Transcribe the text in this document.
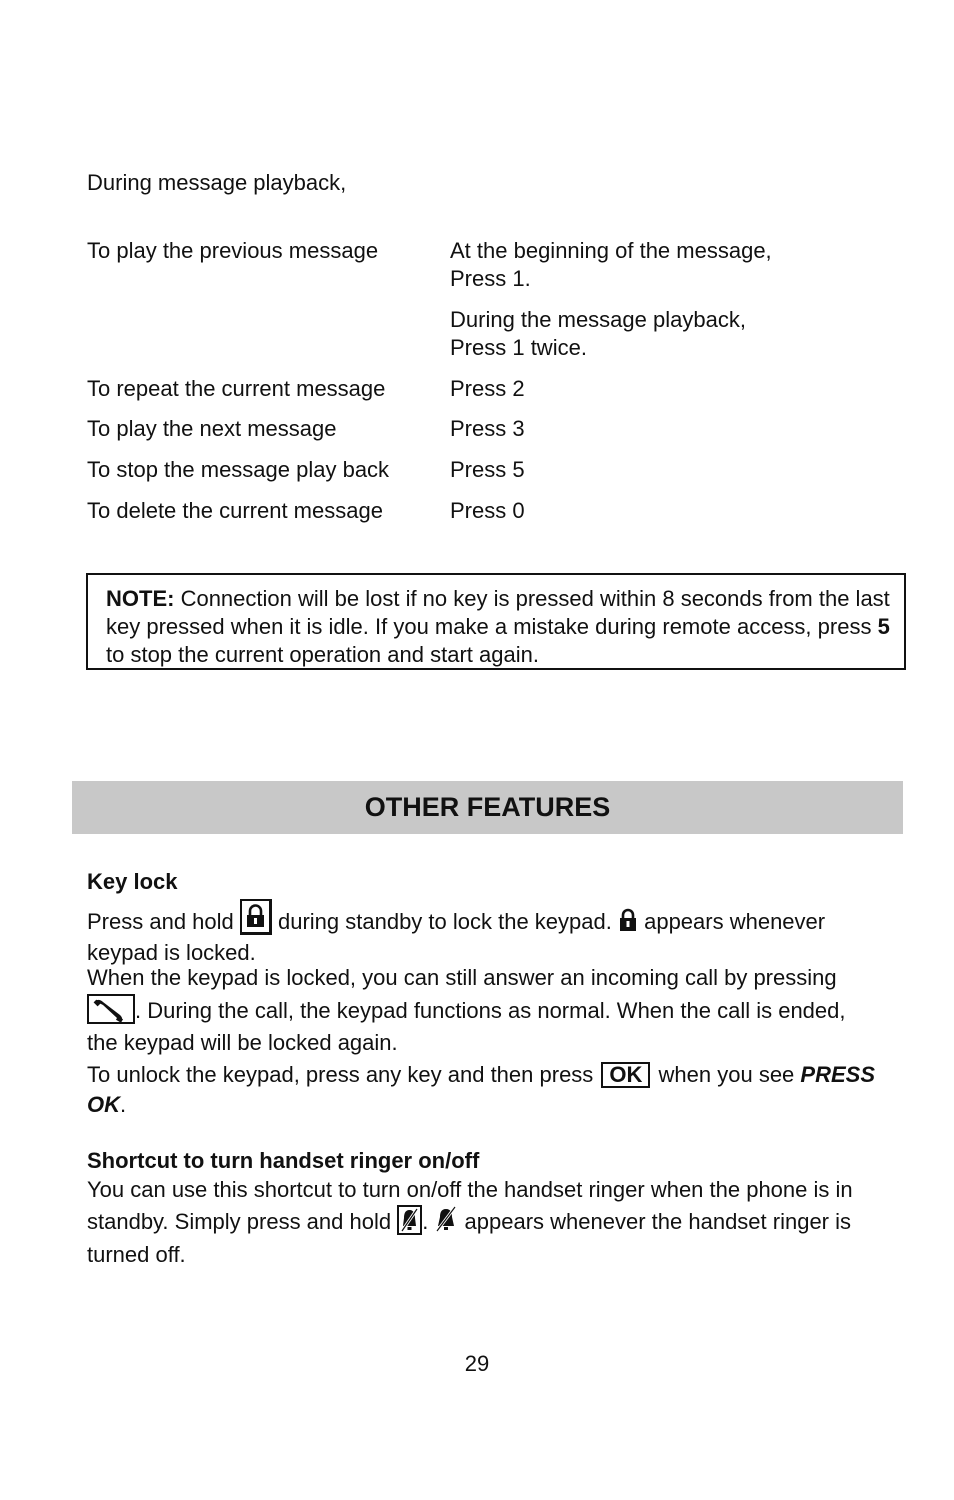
During message playback,
To play the previous message	At the beginning of the message, Press 1.
During the message playback, Press 1 twice.
To repeat the current message	Press 2
To play the next message	Press 3
To stop the message play back	Press 5
To delete the current message	Press 0
NOTE: Connection will be lost if no key is pressed within 8 seconds from the last key pressed when it is idle. If you make a mistake during remote access, press 5 to stop the current operation and start again.
OTHER FEATURES
Key lock
Press and hold
during standby to lock the keypad.  appears whenever keypad is locked.
When the keypad is locked, you can still answer an incoming call by pressing
. During the call, the keypad functions as normal. When the call is ended, the keypad will be locked again.
To unlock the keypad, press any key and then press OK when you see PRESS OK.
Shortcut to turn handset ringer on/off
You can use this shortcut to turn on/off the handset ringer when the phone is in standby. Simply press and hold
.  appears whenever the handset ringer is turned off.
29
